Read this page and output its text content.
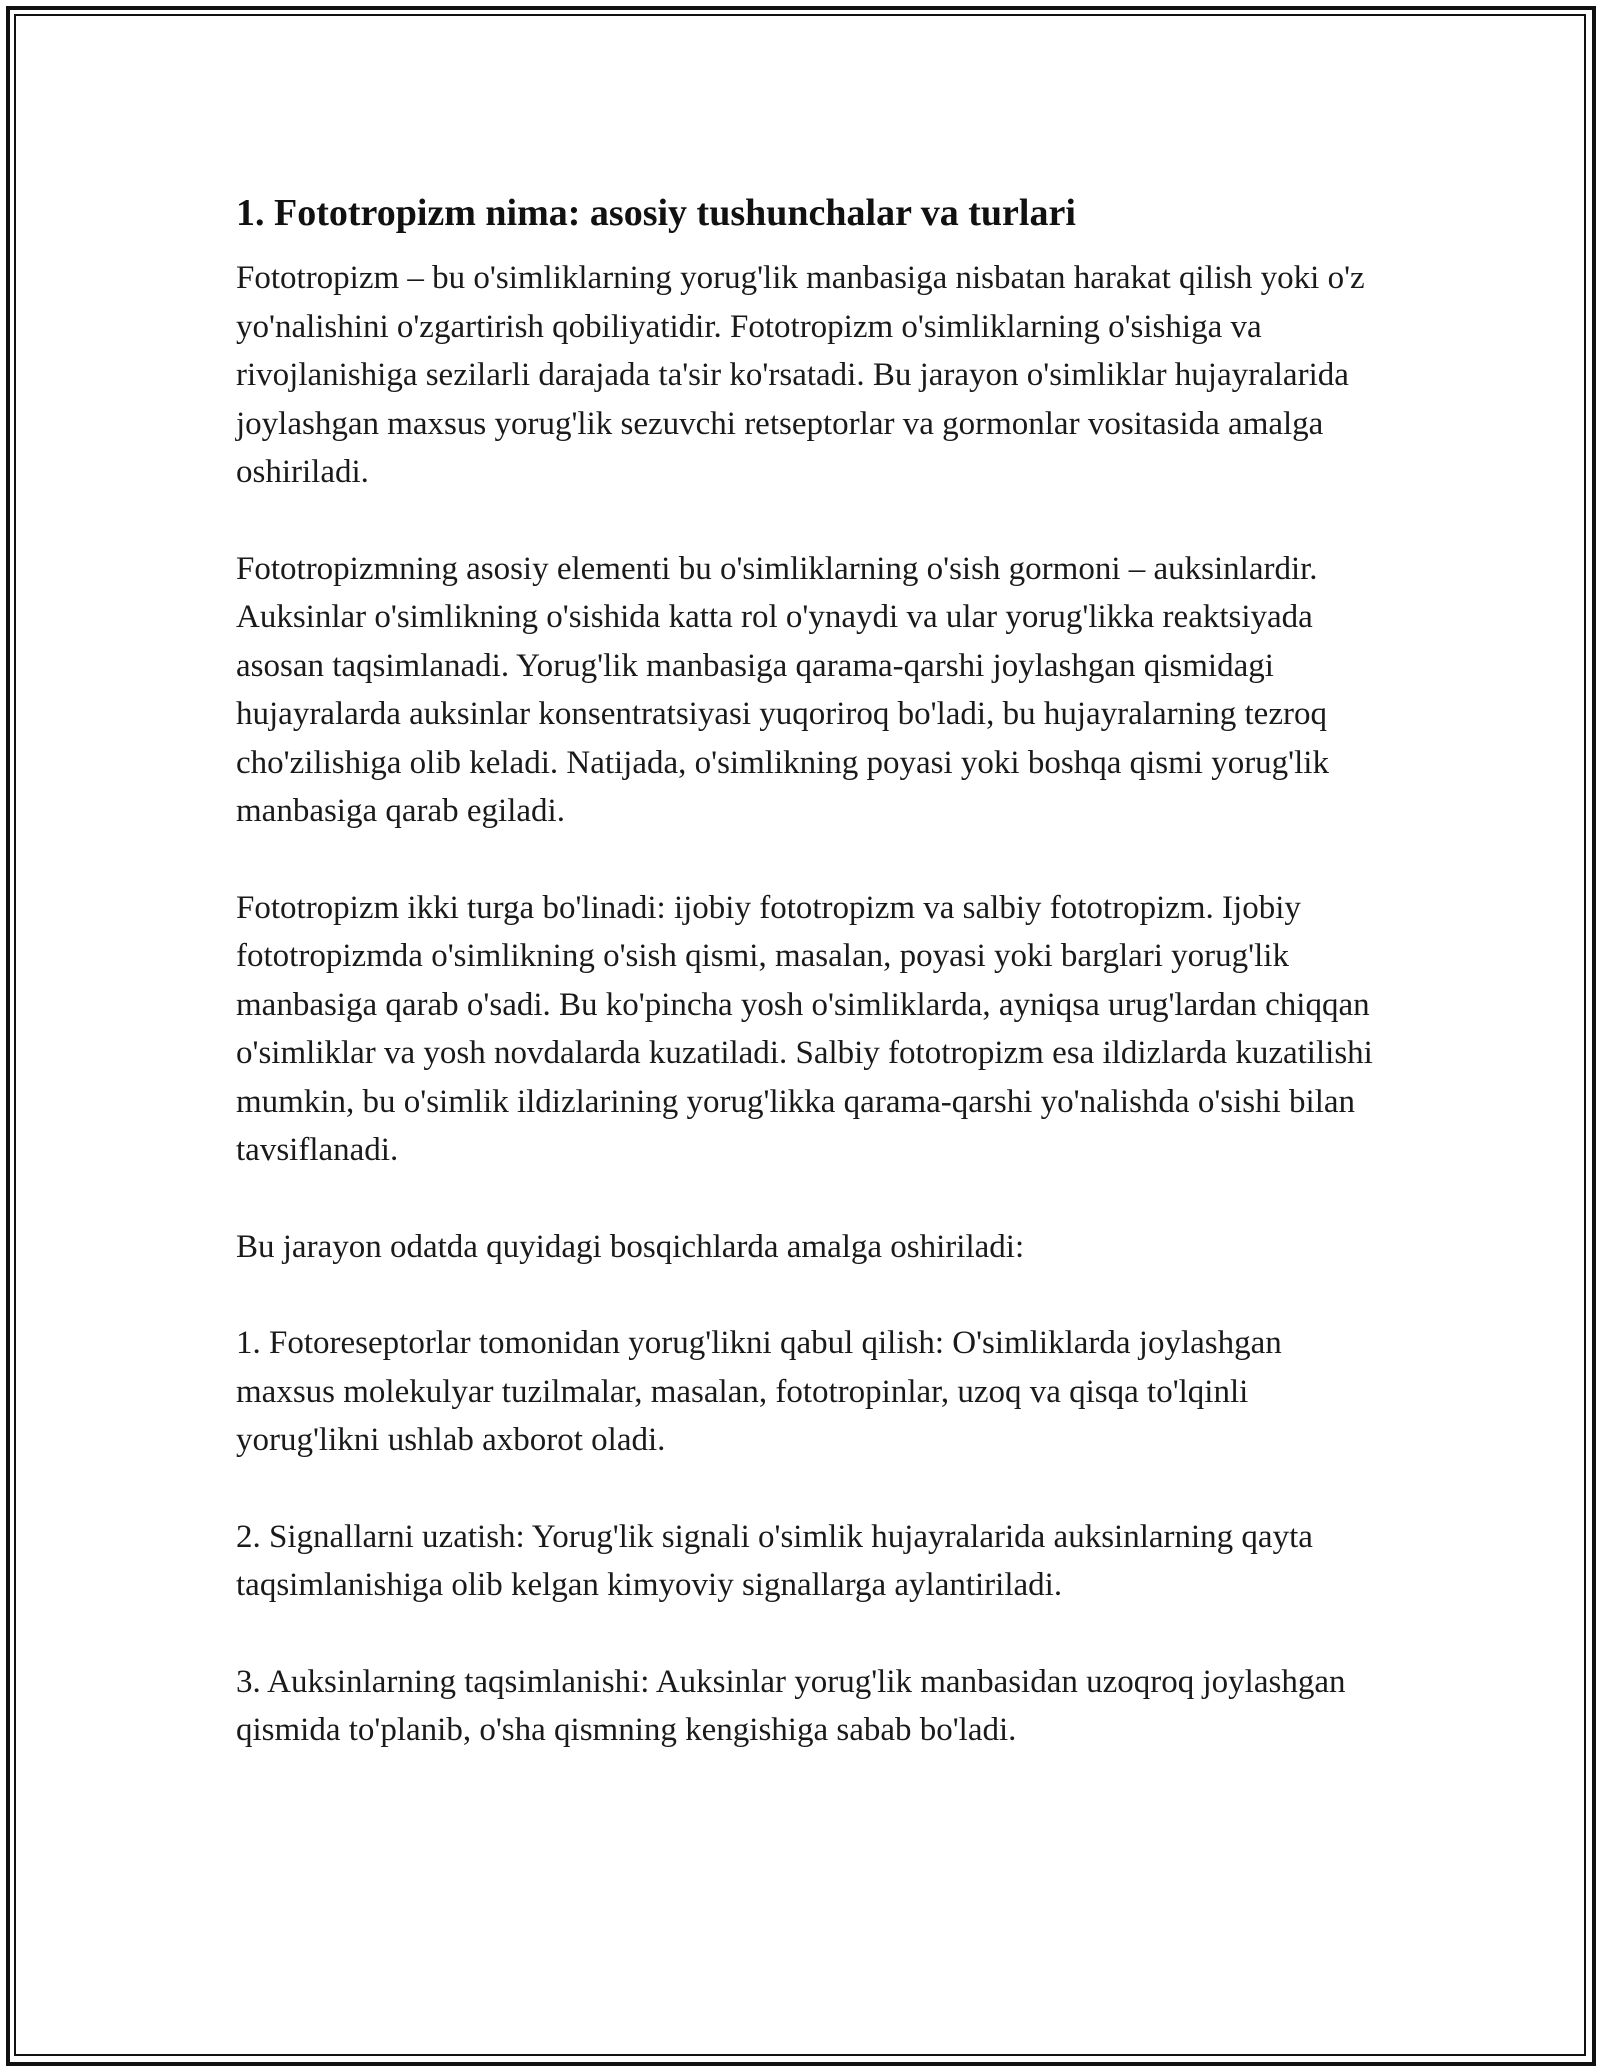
1. Fototropizm nima: asosiy tushunchalar va turlari

Fototropizm – bu o'simliklarning yorug'lik manbasiga nisbatan harakat qilish yoki o'z yo'nalishini o'zgartirish qobiliyatidir. Fototropizm o'simliklarning o'sishiga va rivojlanishiga sezilarli darajada ta'sir ko'rsatadi. Bu jarayon o'simliklar hujayralarida joylashgan maxsus yorug'lik sezuvchi retseptorlar va gormonlar vositasida amalga oshiriladi.

Fototropizmning asosiy elementi bu o'simliklarning o'sish gormoni – auksinlardir. Auksinlar o'simlikning o'sishida katta rol o'ynaydi va ular yorug'likka reaktsiyada asosan taqsimlanadi. Yorug'lik manbasiga qarama-qarshi joylashgan qismidagi hujayralarda auksinlar konsentratsiyasi yuqoriroq bo'ladi, bu hujayralarning tezroq cho'zilishiga olib keladi. Natijada, o'simlikning poyasi yoki boshqa qismi yorug'lik manbasiga qarab egiladi.

Fototropizm ikki turga bo'linadi: ijobiy fototropizm va salbiy fototropizm. Ijobiy fototropizmda o'simlikning o'sish qismi, masalan, poyasi yoki barglari yorug'lik manbasiga qarab o'sadi. Bu ko'pincha yosh o'simliklarda, ayniqsa urug'lardan chiqqan o'simliklar va yosh novdalarda kuzatiladi. Salbiy fototropizm esa ildizlarda kuzatilishi mumkin, bu o'simlik ildizlarining yorug'likka qarama-qarshi yo'nalishda o'sishi bilan tavsiflanadi.

Bu jarayon odatda quyidagi bosqichlarda amalga oshiriladi:

1. Fotoreseptorlar tomonidan yorug'likni qabul qilish: O'simliklarda joylashgan maxsus molekulyar tuzilmalar, masalan, fototropinlar, uzoq va qisqa to'lqinli yorug'likni ushlab axborot oladi.

2. Signallarni uzatish: Yorug'lik signali o'simlik hujayralarida auksinlarning qayta taqsimlanishiga olib kelgan kimyoviy signallarga aylantiriladi.

3. Auksinlarning taqsimlanishi: Auksinlar yorug'lik manbasidan uzoqroq joylashgan qismida to'planib, o'sha qismning kengishiga sabab bo'ladi.
